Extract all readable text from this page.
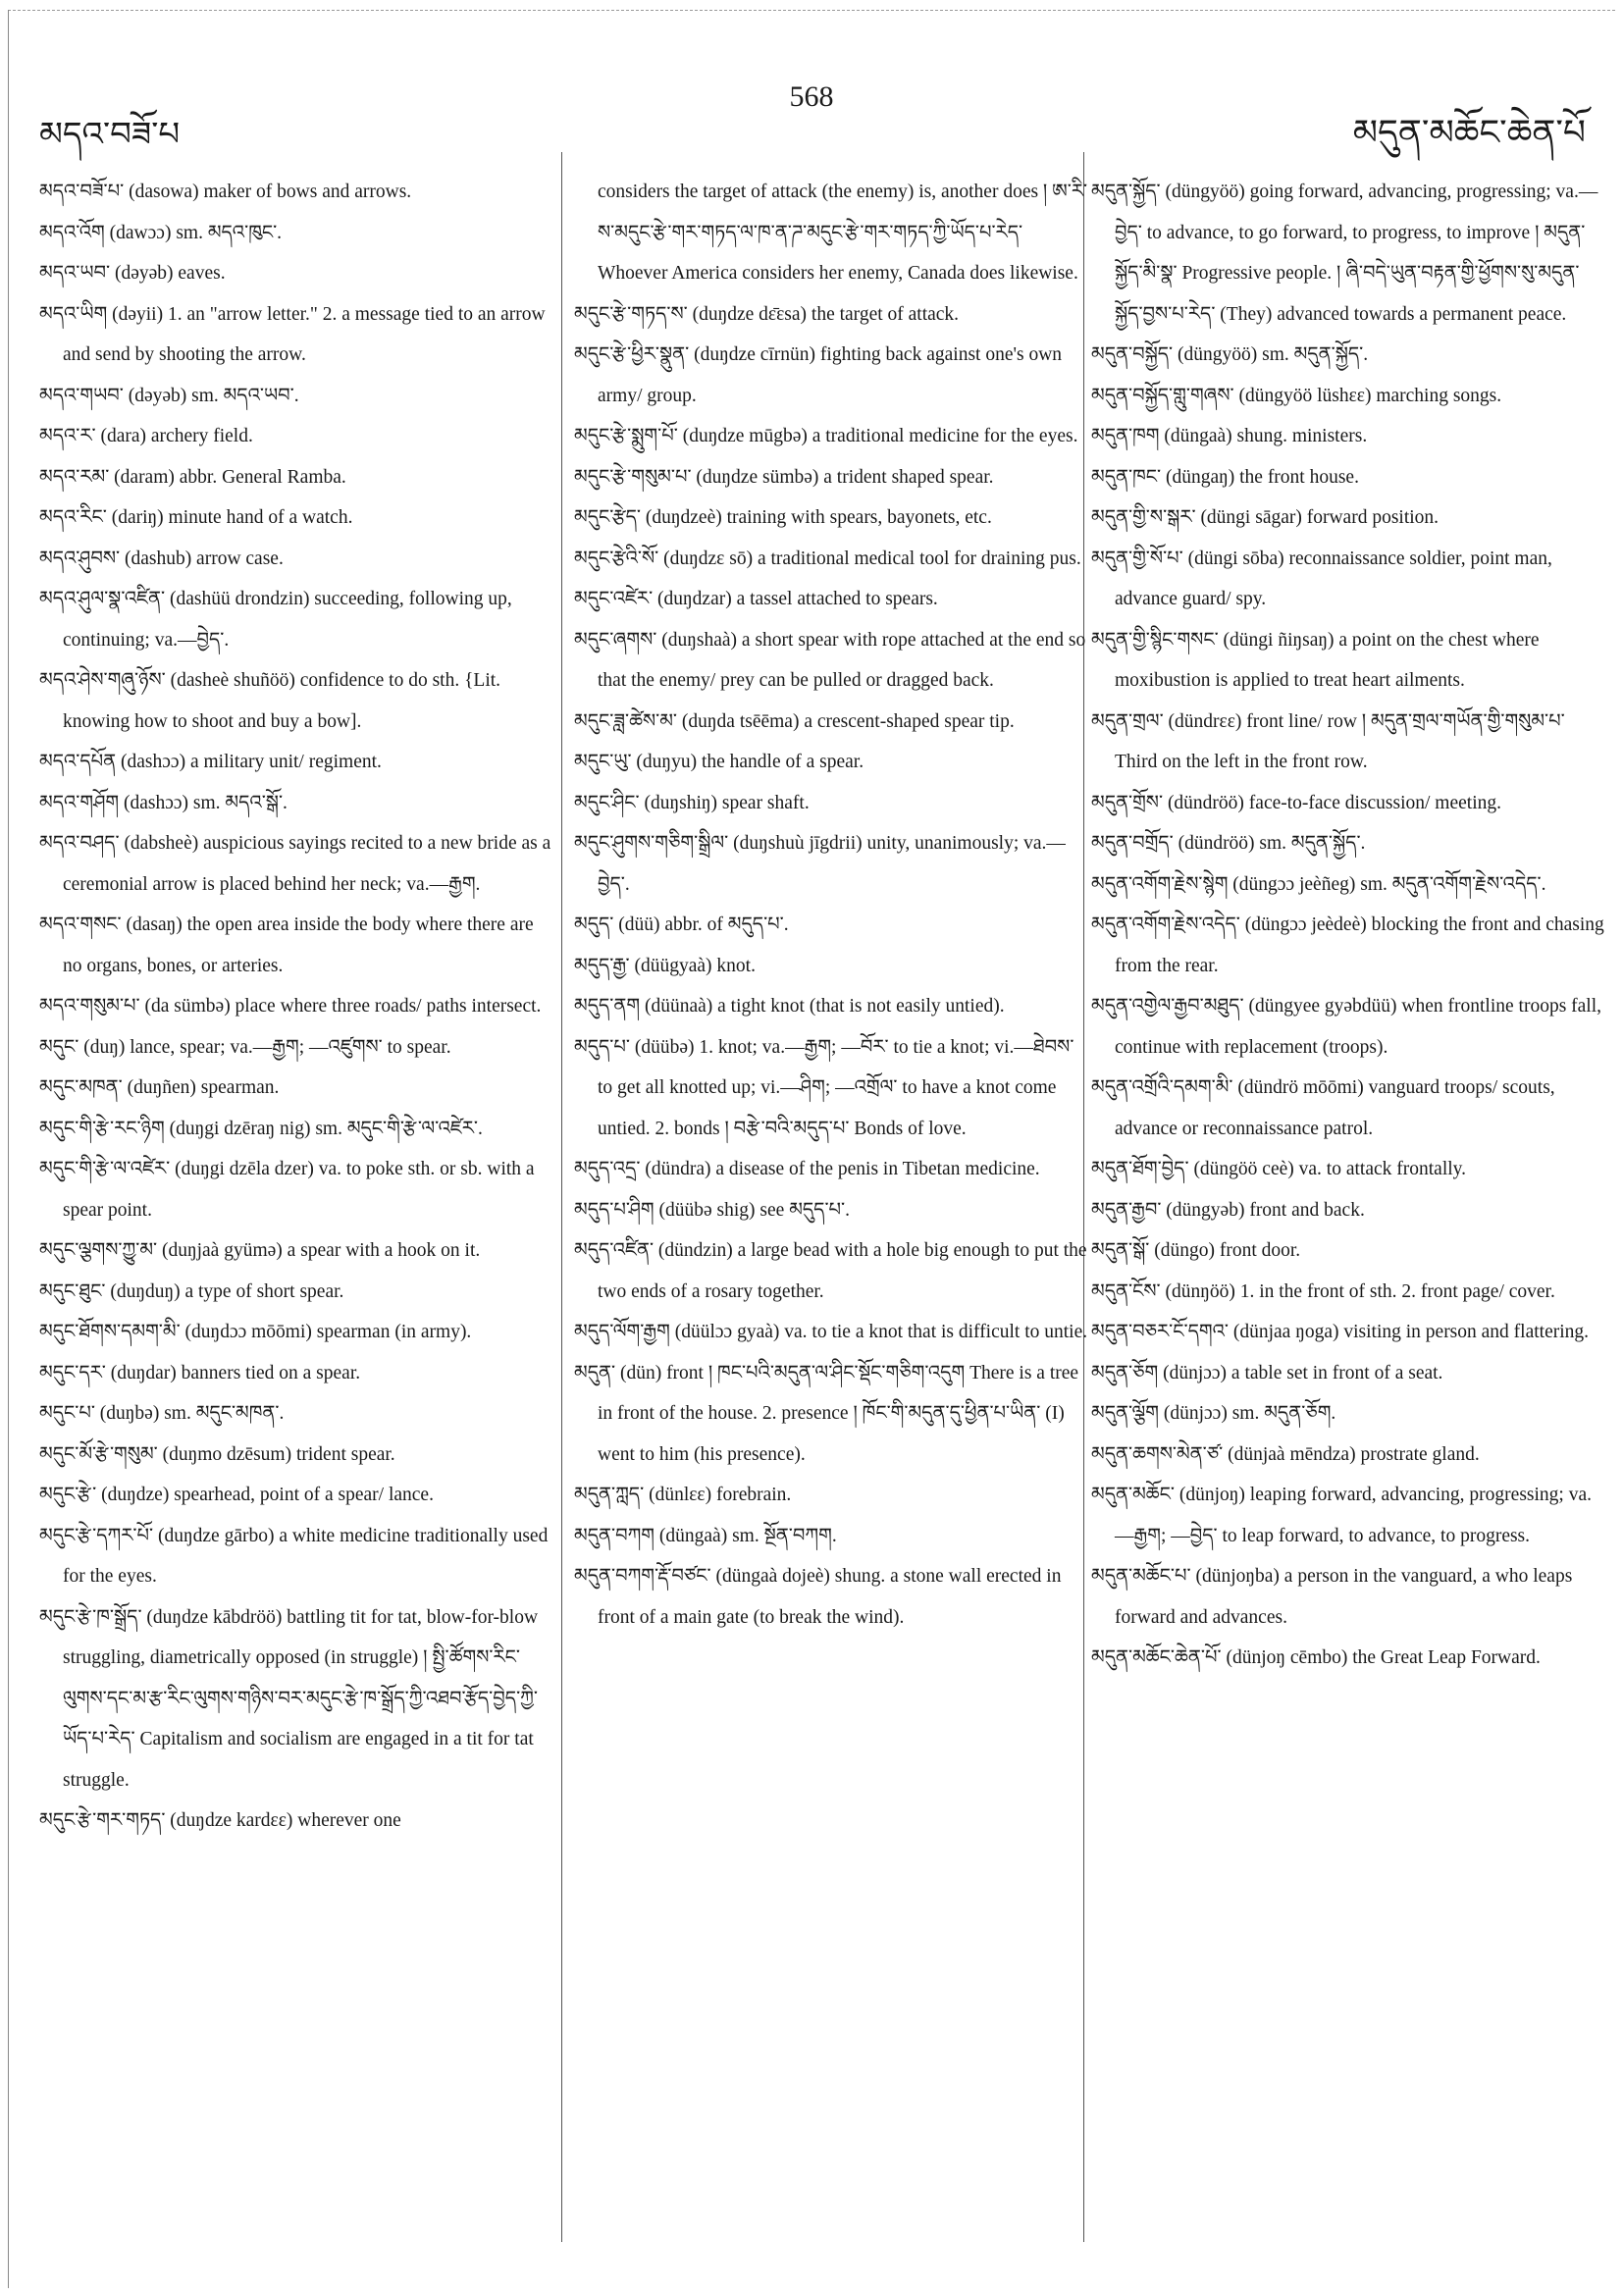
མདའ་བཟོ་པ
568
མདུན་མཆོང་ཆེན་པོ

མདའ་བཟོ་པ་ (dasowa) maker of bows and arrows.

མདའ་འོག (dawɔɔ) sm. མདའ་ཁུང་.

མདའ་ཡབ་ (dəyəb) eaves.

མདའ་ཡིག (dəyii) 1. an "arrow letter." 2. a message tied to an arrow and send by shooting the arrow.

མདའ་གཡབ་ (dəyəb) sm. མདའ་ཡབ་.

མདའ་ར་ (dara) archery field.

མདའ་རམ་ (daram) abbr. General Ramba.

མདའ་རིང་ (dariŋ) minute hand of a watch.

མདའ་ཤུབས་ (dashub) arrow case.

མདའ་ཤུལ་སྣ་འཛིན་ (dashüü drondzin) succeeding, following up, continuing; va.—བྱེད་.

མདའ་ཤེས་གཞུ་ཉོས་ (dasheè shuñöö) confidence to do sth. {Lit. knowing how to shoot and buy a bow].

མདའ་དཔོན (dashɔɔ) a military unit/ regiment.

མདའ་གཤོག (dashɔɔ) sm. མདའ་སྒོ་.

མདའ་བཤད་ (dabsheè) auspicious sayings recited to a new bride as a ceremonial arrow is placed behind her neck; va.—རྒྱག.

མདའ་གསང་ (dasaŋ) the open area inside the body where there are no organs, bones, or arteries.

མདའ་གསུམ་པ་ (da sümbə) place where three roads/ paths intersect.

མདུང་ (duŋ) lance, spear; va.—རྒྱག; —འཛུགས་ to spear.

མདུང་མཁན་ (duŋñen) spearman.

མདུང་གི་རྩེ་རང་ཉིག (duŋgi dzēraŋ nig) sm. མདུང་གི་རྩེ་ལ་འཛེར་.

མདུང་གི་རྩེ་ལ་འཛེར་ (duŋgi dzēla dzer) va. to poke sth. or sb. with a spear point.

མདུང་ལྕགས་ཀྱུ་མ་ (duŋjaà gyümə) a spear with a hook on it.

མདུང་ཐུང་ (duŋduŋ) a type of short spear.

མདུང་ཐོགས་དམག་མི་ (duŋdɔɔ mōōmi) spearman (in army).

མདུང་དར་ (duŋdar) banners tied on a spear.

མདུང་པ་ (duŋbə) sm. མདུང་མཁན་.

མདུང་མོ་རྩེ་གསུམ་ (duŋmo dzēsum) trident spear.

མདུང་རྩེ་ (duŋdze) spearhead, point of a spear/ lance.

མདུང་རྩེ་དཀར་པོ་ (duŋdze gārbo) a white medicine traditionally used for the eyes.

མདུང་རྩེ་ཁ་སྒྲོད་ (duŋdze kābdröö) battling tit for tat, blow-for-blow struggling, diametrically opposed (in struggle) ། སྤྱི་ཚོགས་རིང་ལུགས་དང་མ་རྩ་རིང་ལུགས་གཉིས་བར་མདུང་རྩེ་ཁ་སྒྲོད་ཀྱི་འཐབ་རྩོད་བྱེད་ཀྱི་ཡོད་པ་རེད་ Capitalism and socialism are engaged in a tit for tat struggle.

མདུང་རྩེ་གར་གཏད་ (duŋdze kardɛɛ) wherever one

considers the target of attack (the enemy) is, another does ། ཨ་རི་ས་མདུང་རྩེ་གར་གཏད་ལ་ཁ་ན་ཌ་མདུང་རྩེ་གར་གཏད་ཀྱི་ཡོད་པ་རེད་ Whoever America considers her enemy, Canada does likewise.

མདུང་རྩེ་གཏད་ས་ (duŋdze dɛ̄ɛsa) the target of attack.

མདུང་རྩེ་ཕྱིར་སྣུན་ (duŋdze cīrnün) fighting back against one's own army/ group.

མདུང་རྩེ་སྨུག་པོ་ (duŋdze mūgbə) a traditional medicine for the eyes.

མདུང་རྩེ་གསུམ་པ་ (duŋdze sümbə) a trident shaped spear.

མདུང་རྩེད་ (duŋdzeè) training with spears, bayonets, etc.

མདུང་རྩེའི་སོ་ (duŋdzɛ sō) a traditional medical tool for draining pus.

མདུང་འཛེར་ (duŋdzar) a tassel attached to spears.

མདུང་ཞགས་ (duŋshaà) a short spear with rope attached at the end so that the enemy/ prey can be pulled or dragged back.

མདུང་ཟླ་ཚེས་མ་ (duŋda tsēēma) a crescent-shaped spear tip.

མདུང་ཡུ་ (duŋyu) the handle of a spear.

མདུང་ཤིང་ (duŋshiŋ) spear shaft.

མདུང་ཤུགས་གཅིག་སྒྲིལ་ (duŋshuù jīgdrii) unity, unanimously; va.—བྱེད་.

མདུད་ (düü) abbr. of མདུད་པ་.

མདུད་རྒྱ་ (düügyaà) knot.

མདུད་ནག (düünaà) a tight knot (that is not easily untied).

མདུད་པ་ (düübə) 1. knot; va.—རྒྱག; —བོར་ to tie a knot; vi.—ཐེབས་ to get all knotted up; vi.—ཤིག; —འགྲོལ་ to have a knot come untied. 2. bonds ། བརྩེ་བའི་མདུད་པ་ Bonds of love.

མདུད་འདྲ་ (dündra) a disease of the penis in Tibetan medicine.

མདུད་པ་ཤིག (düübə shig) see མདུད་པ་.

མདུད་འཛིན་ (dündzin) a large bead with a hole big enough to put the two ends of a rosary together.

མདུད་ལོག་རྒྱག (düülɔɔ gyaà) va. to tie a knot that is difficult to untie.

མདུན་ (dün) front ། ཁང་པའི་མདུན་ལ་ཤིང་སྡོང་གཅིག་འདུག There is a tree in front of the house. 2. presence ། ཁོང་གི་མདུན་དུ་ཕྱིན་པ་ཡིན་ (I) went to him (his presence).

མདུན་ཀླད་ (dünlɛɛ) forebrain.

མདུན་བཀག (düngaà) sm. སྔོན་བཀག.

མདུན་བཀག་རྡོ་བཙང་ (düngaà dojeè) shung. a stone wall erected in front of a main gate (to break the wind).

མདུན་སྐྱོད་ (düngyöö) going forward, advancing, progressing; va.—བྱེད་ to advance, to go forward, to progress, to improve ། མདུན་སྐྱོད་མི་སྣ་ Progressive people. ། ཞི་བདེ་ཡུན་བརྟན་གྱི་ཕྱོགས་སུ་མདུན་སྐྱོད་བྱས་པ་རེད་ (They) advanced towards a permanent peace.

མདུན་བསྐྱོད་ (düngyöö) sm. མདུན་སྐྱོད་.

མདུན་བསྐྱོད་གླུ་གཞས་ (düngyöö lüshɛɛ) marching songs.

མདུན་ཁག (düngaà) shung. ministers.

མདུན་ཁང་ (düngaŋ) the front house.

མདུན་གྱི་ས་སྒར་ (düngi sāgar) forward position.

མདུན་གྱི་སོ་པ་ (düngi sōba) reconnaissance soldier, point man, advance guard/ spy.

མདུན་གྱི་སྙིང་གསང་ (düngi ñiŋsaŋ) a point on the chest where moxibustion is applied to treat heart ailments.

མདུན་གྲལ་ (dündrɛɛ) front line/ row ། མདུན་གྲལ་གཡོན་གྱི་གསུམ་པ་ Third on the left in the front row.

མདུན་གྲོས་ (dündröö) face-to-face discussion/ meeting.

མདུན་བགྲོད་ (dündröö) sm. མདུན་སྐྱོད་.

མདུན་འགོག་རྗེས་སྙེག (düngɔɔ jeèñeg) sm. མདུན་འགོག་རྗེས་འདེད་.

མདུན་འགོག་རྗེས་འདེད་ (düngɔɔ jeèdeè) blocking the front and chasing from the rear.

མདུན་འགྱེལ་རྒྱབ་མཐུད་ (düngyee gyəbdüü) when frontline troops fall, continue with replacement (troops).

མདུན་འགྲོའི་དམག་མི་ (dündrö mōōmi) vanguard troops/ scouts, advance or reconnaissance patrol.

མདུན་ཐོག་བྱེད་ (düngöö ceè) va. to attack frontally.

མདུན་རྒྱབ་ (düngyəb) front and back.

མདུན་སྒོ་ (düngo) front door.

མདུན་ངོས་ (dünŋöö) 1. in the front of sth. 2. front page/ cover.

མདུན་བཅར་ངོ་དགའ་ (dünjaa ŋoga) visiting in person and flattering.

མདུན་ཅོག (dünjɔɔ) a table set in front of a seat.

མདུན་ལྕོག (dünjɔɔ) sm. མདུན་ཅོག.

མདུན་ཆགས་མེན་ཙ་ (dünjaà mēndza) prostrate gland.

མདུན་མཆོང་ (dünjoŋ) leaping forward, advancing, progressing; va.—རྒྱག; —བྱེད་ to leap forward, to advance, to progress.

མདུན་མཆོང་པ་ (dünjoŋba) a person in the vanguard, a who leaps forward and advances.

མདུན་མཆོང་ཆེན་པོ་ (dünjoŋ cēmbo) the Great Leap Forward.
